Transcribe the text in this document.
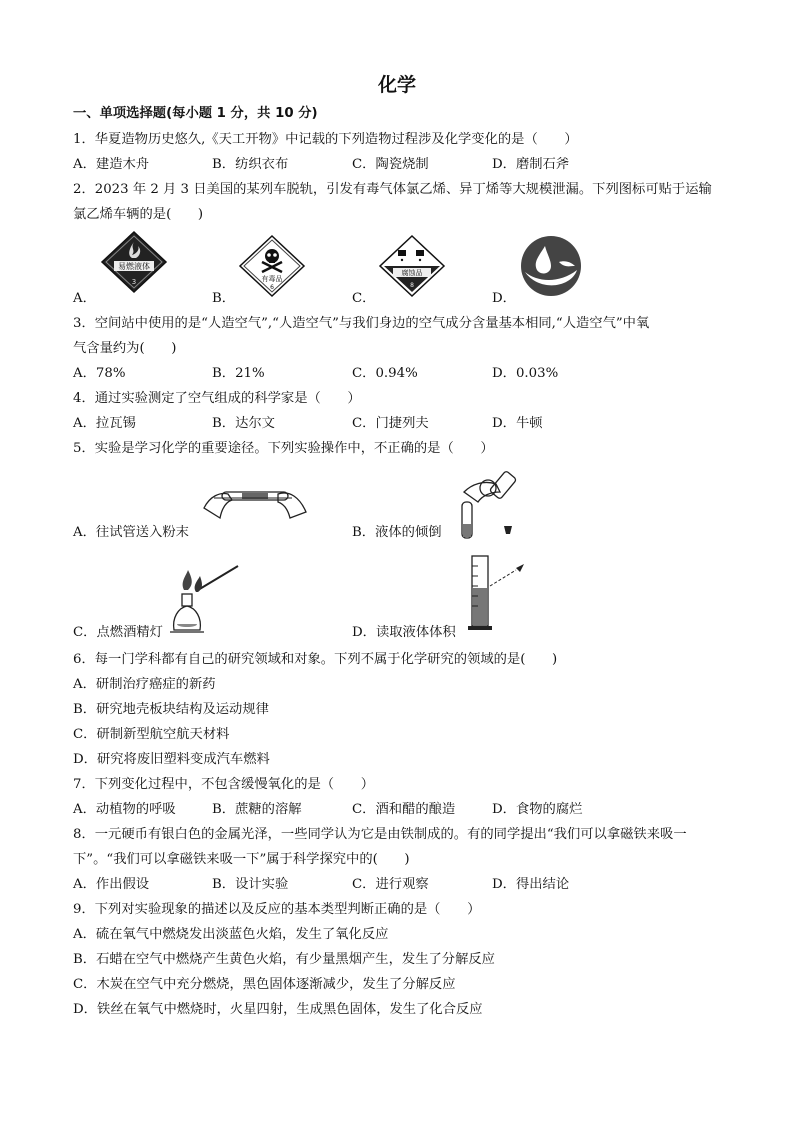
化学
一、单项选择题(每小题 1 分，共 10 分)
1．华夏造物历史悠久,《天工开物》中记载的下列造物过程涉及化学变化的是（　　）
A．建造木舟	B．纺织衣布	C．陶瓷烧制	D．磨制石斧
2．2023 年 2 月 3 日美国的某列车脱轨，引发有毒气体氯乙烯、异丁烯等大规模泄漏。下列图标可贴于运输
氯乙烯车辆的是(　　)
易燃液体
3	有毒品
6
腐蚀品
8
A．	B．	C．	D．
3．空间站中使用的是“人造空气”,“人造空气”与我们身边的空气成分含量基本相同,“人造空气”中氧
气含量约为(　　)
A．78%	B．21%	C．0.94%	D．0.03%
4．通过实验测定了空气组成的科学家是（　　）
A．拉瓦锡	B．达尔文	C．门捷列夫	D．牛顿
5．实验是学习化学的重要途径。下列实验操作中，不正确的是（　　）
A．往试管送入粉末	B．液体的倾倒
C．点燃酒精灯	D．读取液体体积
6．每一门学科都有自己的研究领域和对象。下列不属于化学研究的领域的是(　　)
A．研制治疗癌症的新药
B．研究地壳板块结构及运动规律
C．研制新型航空航天材料
D．研究将废旧塑料变成汽车燃料
7．下列变化过程中，不包含缓慢氧化的是（　　）
A．动植物的呼吸	B．蔗糖的溶解	C．酒和醋的酿造	D．食物的腐烂
8．一元硬币有银白色的金属光泽，一些同学认为它是由铁制成的。有的同学提出“我们可以拿磁铁来吸一
下”。“我们可以拿磁铁来吸一下”属于科学探究中的(　　)
A．作出假设	B．设计实验	C．进行观察	D．得出结论
9．下列对实验现象的描述以及反应的基本类型判断正确的是（　　）
A．硫在氧气中燃烧发出淡蓝色火焰，发生了氧化反应
B．石蜡在空气中燃烧产生黄色火焰，有少量黑烟产生，发生了分解反应
C．木炭在空气中充分燃烧，黑色固体逐渐减少，发生了分解反应
D．铁丝在氧气中燃烧时，火星四射，生成黑色固体，发生了化合反应
